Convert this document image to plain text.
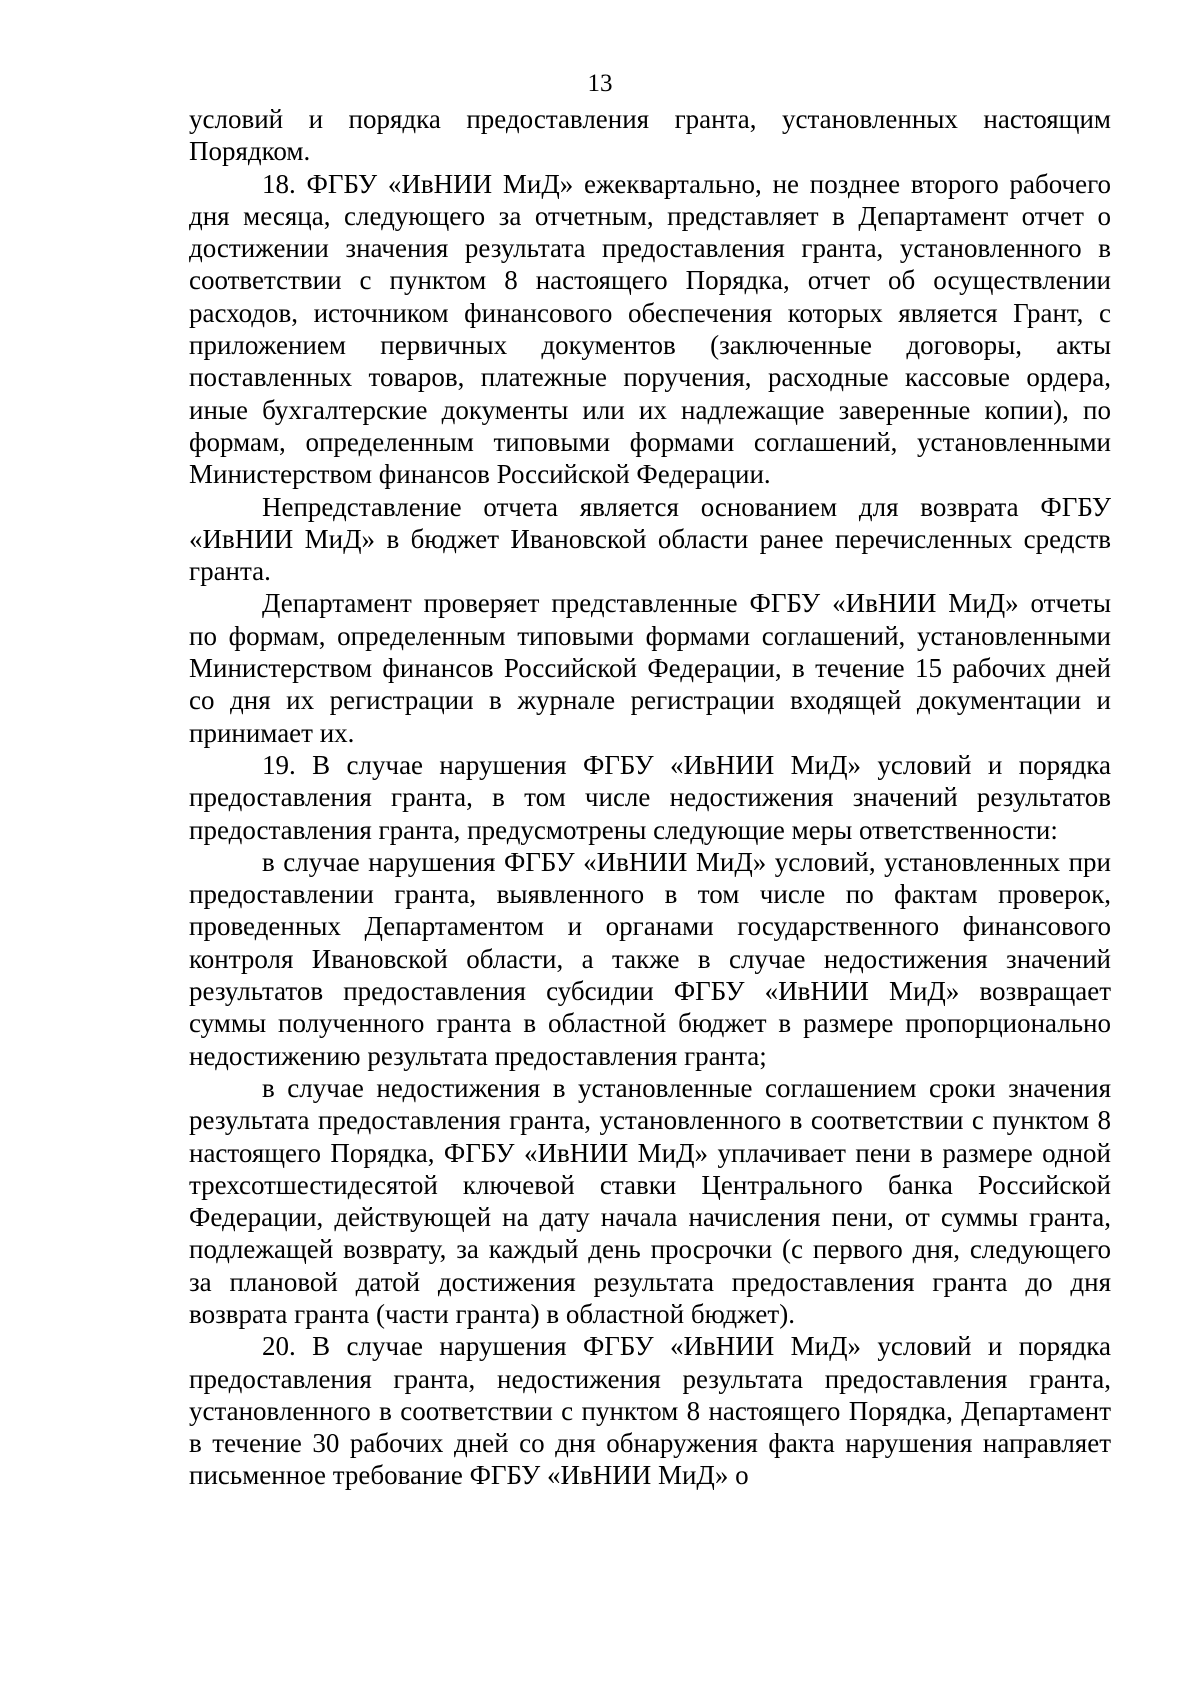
13

условий и порядка предоставления гранта, установленных настоящим Порядком.

18. ФГБУ «ИвНИИ МиД» ежеквартально, не позднее второго рабочего дня месяца, следующего за отчетным, представляет в Департамент отчет о достижении значения результата предоставления гранта, установленного в соответствии с пунктом 8 настоящего Порядка, отчет об осуществлении расходов, источником финансового обеспечения которых является Грант, с приложением первичных документов (заключенные договоры, акты поставленных товаров, платежные поручения, расходные кассовые ордера, иные бухгалтерские документы или их надлежащие заверенные копии), по формам, определенным типовыми формами соглашений, установленными Министерством финансов Российской Федерации.

Непредставление отчета является основанием для возврата ФГБУ «ИвНИИ МиД» в бюджет Ивановской области ранее перечисленных средств гранта.

Департамент проверяет представленные ФГБУ «ИвНИИ МиД» отчеты по формам, определенным типовыми формами соглашений, установленными Министерством финансов Российской Федерации, в течение 15 рабочих дней со дня их регистрации в журнале регистрации входящей документации и принимает их.

19. В случае нарушения ФГБУ «ИвНИИ МиД» условий и порядка предоставления гранта, в том числе недостижения значений результатов предоставления гранта, предусмотрены следующие меры ответственности:

в случае нарушения ФГБУ «ИвНИИ МиД» условий, установленных при предоставлении гранта, выявленного в том числе по фактам проверок, проведенных Департаментом и органами государственного финансового контроля Ивановской области, а также в случае недостижения значений результатов предоставления субсидии ФГБУ «ИвНИИ МиД» возвращает суммы полученного гранта в областной бюджет в размере пропорционально недостижению результата предоставления гранта;

в случае недостижения в установленные соглашением сроки значения результата предоставления гранта, установленного в соответствии с пунктом 8 настоящего Порядка, ФГБУ «ИвНИИ МиД» уплачивает пени в размере одной трехсотшестидесятой ключевой ставки Центрального банка Российской Федерации, действующей на дату начала начисления пени, от суммы гранта, подлежащей возврату, за каждый день просрочки (с первого дня, следующего за плановой датой достижения результата предоставления гранта до дня возврата гранта (части гранта) в областной бюджет).

20. В случае нарушения ФГБУ «ИвНИИ МиД» условий и порядка предоставления гранта, недостижения результата предоставления гранта, установленного в соответствии с пунктом 8 настоящего Порядка, Департамент в течение 30 рабочих дней со дня обнаружения факта нарушения направляет письменное требование ФГБУ «ИвНИИ МиД» о
